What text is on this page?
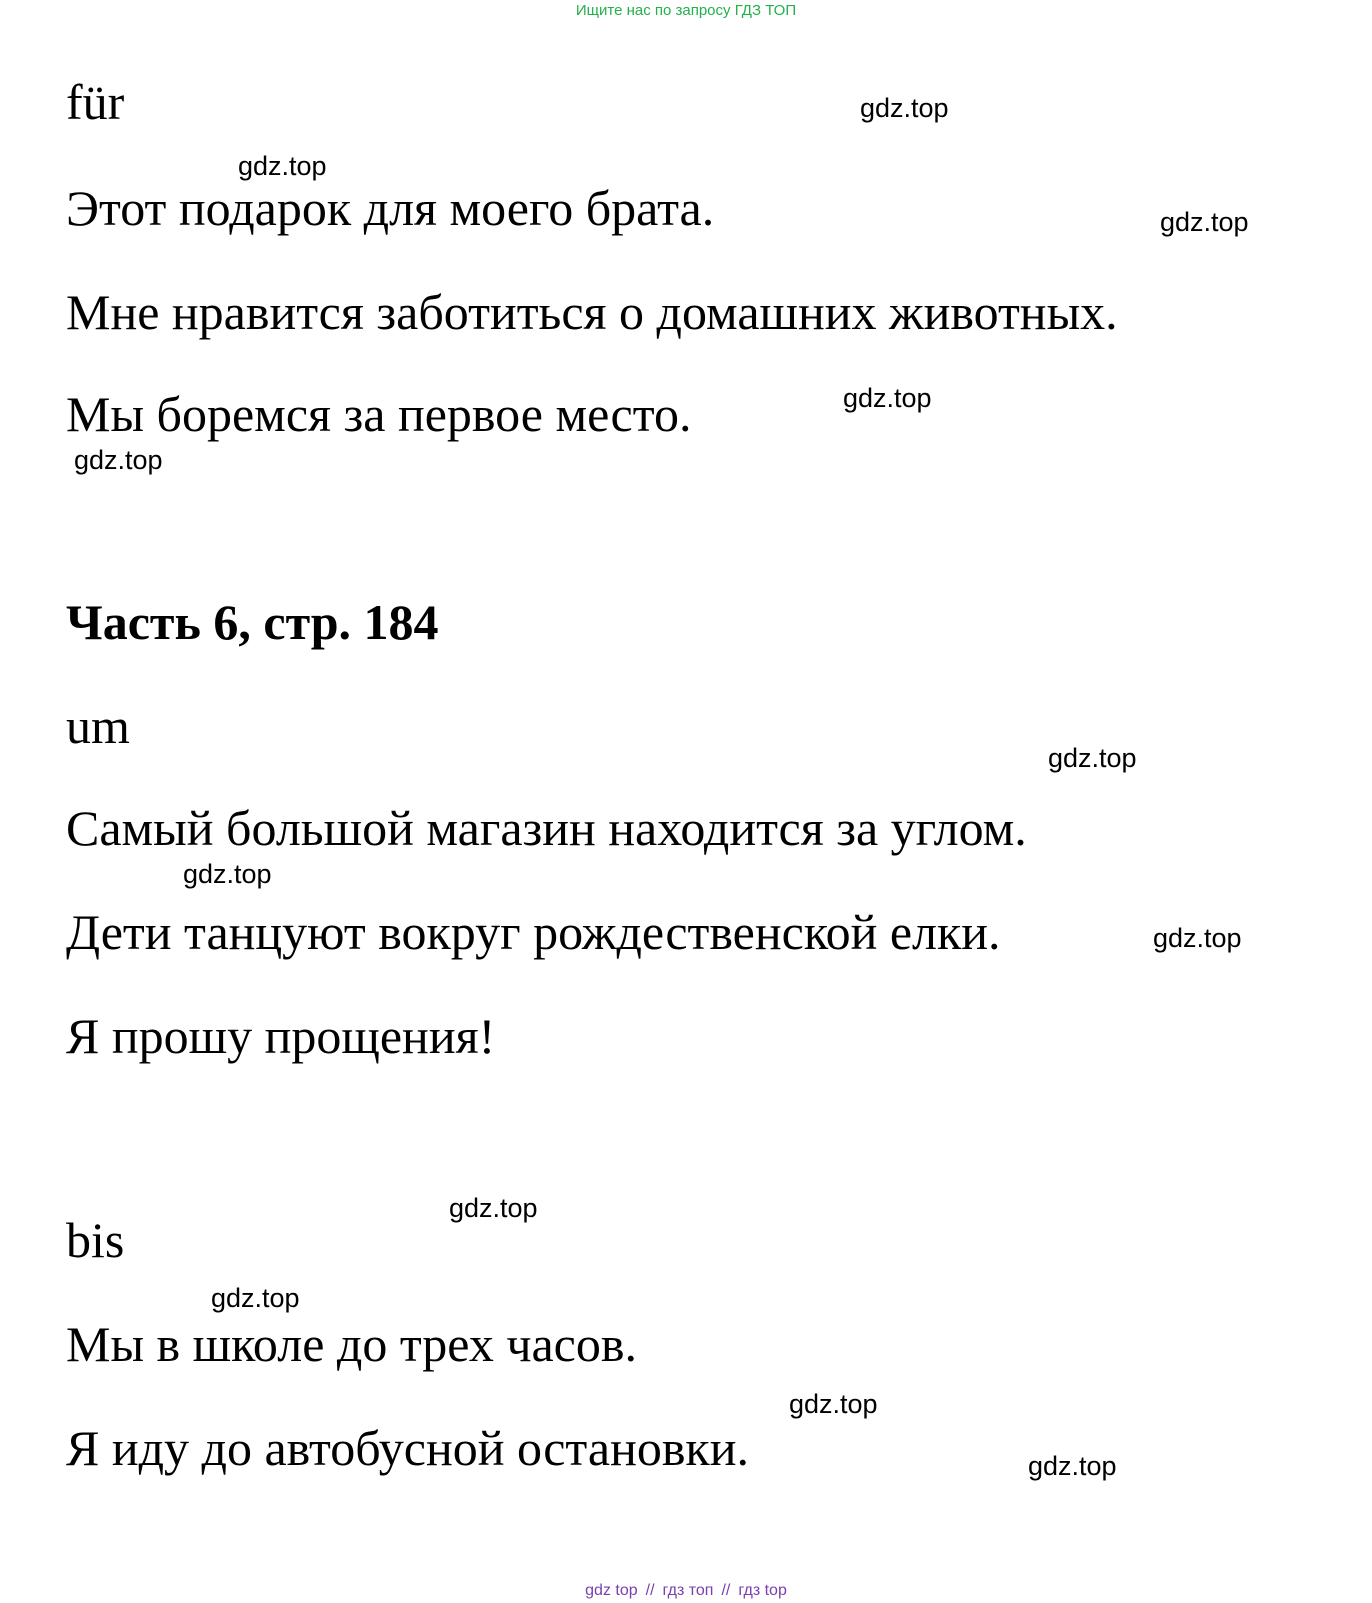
Ищите нас по запросу ГДЗ ТОП
für
Этот подарок для моего брата.
Мне нравится заботиться о домашних животных.
Мы боремся за первое место.
Часть 6, стр. 184
um
Самый большой магазин находится за углом.
Дети танцуют вокруг рождественской елки.
Я прошу прощения!
bis
Мы в школе до трех часов.
Я иду до автобусной остановки.
gdz.top
gdz.top
gdz.top
gdz.top
gdz.top
gdz.top
gdz.top
gdz.top
gdz.top
gdz.top
gdz.top
gdz.top
gdz top // гдз топ // гдз top
